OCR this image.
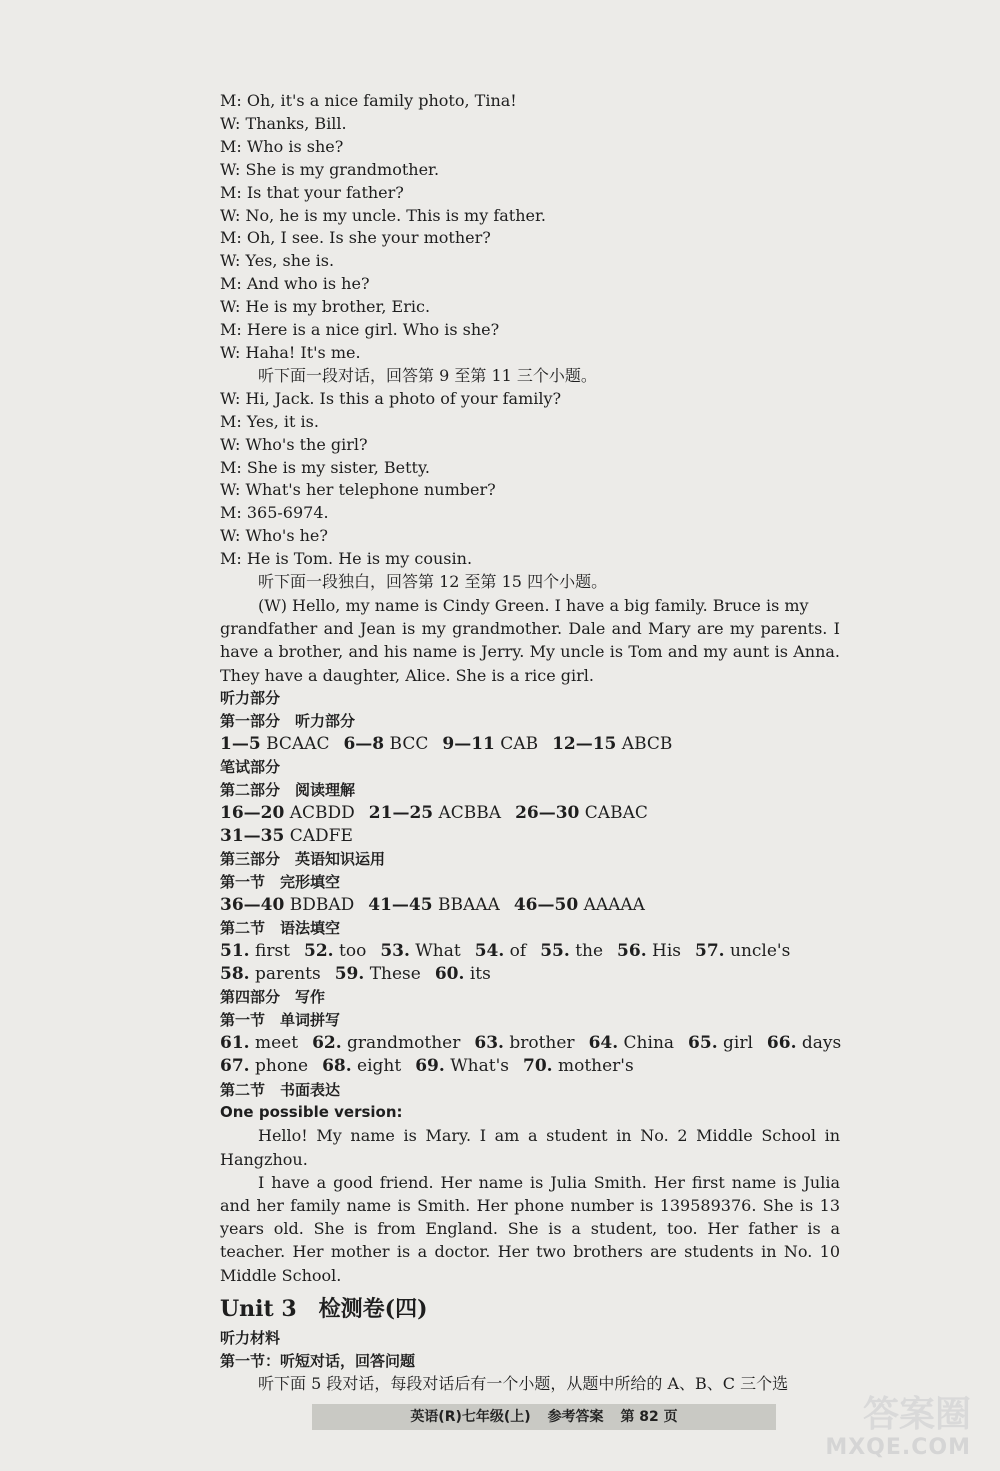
M: Oh, it's a nice family photo, Tina!
W: Thanks, Bill.
M: Who is she?
W: She is my grandmother.
M: Is that your father?
W: No, he is my uncle. This is my father.
M: Oh, I see. Is she your mother?
W: Yes, she is.
M: And who is he?
W: He is my brother, Eric.
M: Here is a nice girl. Who is she?
W: Haha! It's me.
听下面一段对话，回答第 9 至第 11 三个小题。
W: Hi, Jack. Is this a photo of your family?
M: Yes, it is.
W: Who's the girl?
M: She is my sister, Betty.
W: What's her telephone number?
M: 365-6974.
W: Who's he?
M: He is Tom. He is my cousin.
听下面一段独白，回答第 12 至第 15 四个小题。
(W) Hello, my name is Cindy Green. I have a big family. Bruce is my
grandfather and Jean is my grandmother. Dale and Mary are my parents. I have a brother, and his name is Jerry. My uncle is Tom and my aunt is Anna. They have a daughter, Alice. She is a rice girl.
听力部分
第一部分　听力部分
1—5 BCAAC 6—8 BCC 9—11 CAB 12—15 ABCB
笔试部分
第二部分　阅读理解
16—20 ACBDD 21—25 ACBBA 26—30 CABAC
31—35 CADFE
第三部分　英语知识运用
第一节　完形填空
36—40 BDBAD 41—45 BBAAA 46—50 AAAAA
第二节　语法填空
51. first 52. too 53. What 54. of 55. the 56. His 57. uncle's
58. parents 59. These 60. its
第四部分　写作
第一节　单词拼写
61. meet 62. grandmother 63. brother 64. China 65. girl 66. days
67. phone 68. eight 69. What's 70. mother's
第二节　书面表达
One possible version:
Hello! My name is Mary. I am a student in No. 2 Middle School in Hangzhou.
I have a good friend. Her name is Julia Smith. Her first name is Julia and her family name is Smith. Her phone number is 139589376. She is 13 years old. She is from England. She is a student, too. Her father is a teacher. Her mother is a doctor. Her two brothers are students in No. 10 Middle School.
Unit 3　检测卷(四)
听力材料
第一节：听短对话，回答问题
听下面 5 段对话，每段对话后有一个小题，从题中所给的 A、B、C 三个选
英语(R)七年级(上) 参考答案 第 82 页	答案圈
MXQE.COM
